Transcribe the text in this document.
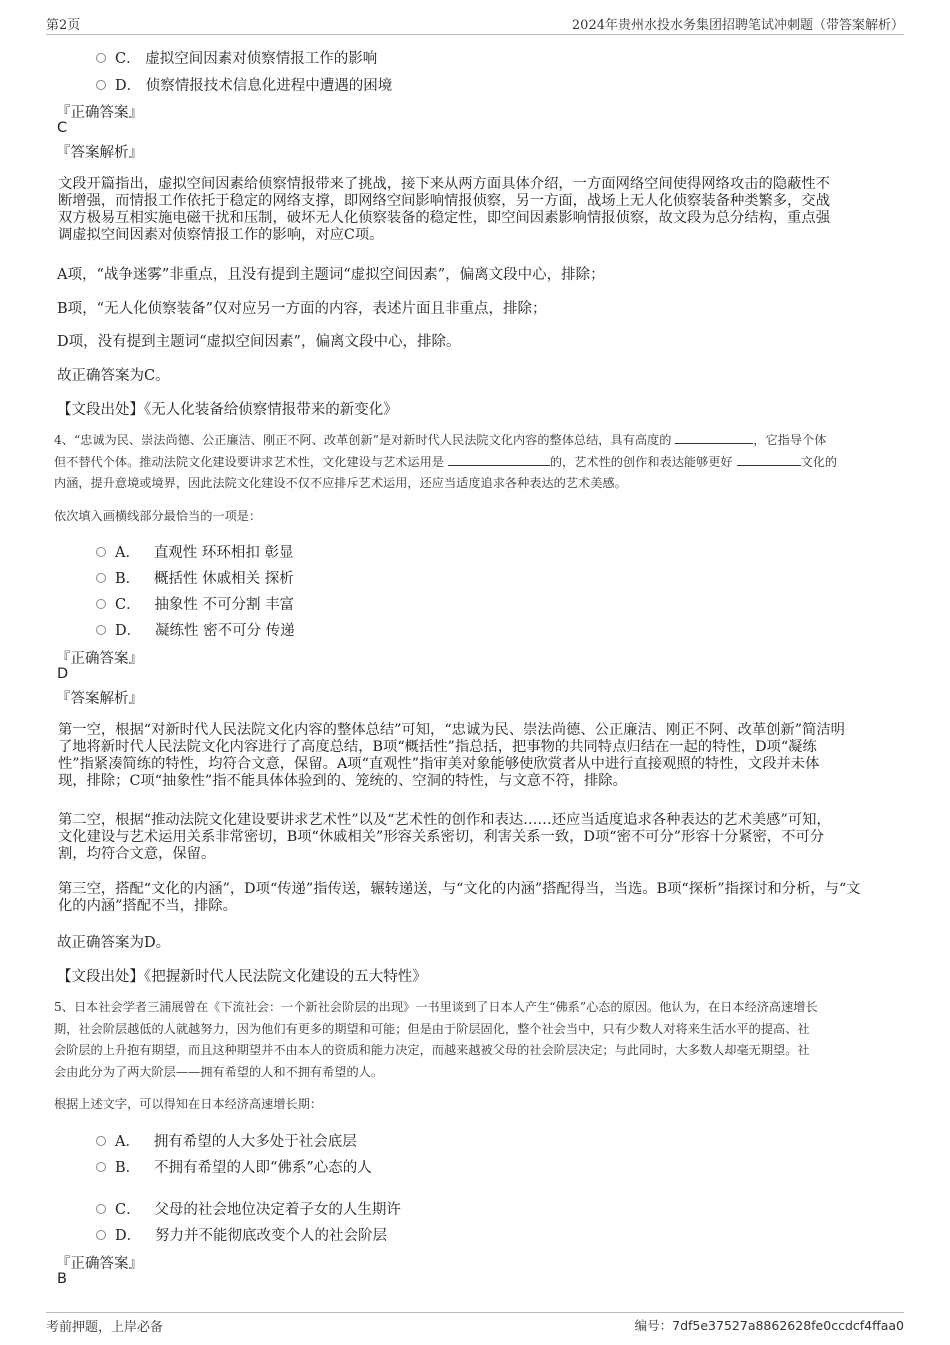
第2页	2024年贵州水投水务集团招聘笔试冲刺题（带答案解析）
C． 虚拟空间因素对侦察情报工作的影响
D． 侦察情报技术信息化进程中遭遇的困境
『正确答案』
C
『答案解析』
文段开篇指出，虚拟空间因素给侦察情报带来了挑战，接下来从两方面具体介绍，一方面网络空间使得网络攻击的隐蔽性不
断增强，而情报工作依托于稳定的网络支撑，即网络空间影响情报侦察，另一方面，战场上无人化侦察装备种类繁多，交战
双方极易互相实施电磁干扰和压制，破坏无人化侦察装备的稳定性，即空间因素影响情报侦察，故文段为总分结构，重点强
调虚拟空间因素对侦察情报工作的影响，对应C项。
A项，“战争迷雾”非重点，且没有提到主题词“虚拟空间因素”，偏离文段中心，排除；
B项，“无人化侦察装备”仅对应另一方面的内容，表述片面且非重点，排除；
D项，没有提到主题词“虚拟空间因素”，偏离文段中心，排除。
故正确答案为C。
【文段出处】《无人化装备给侦察情报带来的新变化》
4、“忠诚为民、崇法尚德、公正廉洁、刚正不阿、改革创新”是对新时代人民法院文化内容的整体总结，具有高度的	，它指导个体
但不替代个体。推动法院文化建设要讲求艺术性，文化建设与艺术运用是	的，艺术性的创作和表达能够更好	文化的
内涵，提升意境或境界，因此法院文化建设不仅不应排斥艺术运用，还应当适度追求各种表达的艺术美感。
依次填入画横线部分最恰当的一项是：
A． 直观性 环环相扣 彰显
B． 概括性 休戚相关 探析
C． 抽象性 不可分割 丰富
D． 凝练性 密不可分 传递
『正确答案』
D
『答案解析』
第一空，根据“对新时代人民法院文化内容的整体总结”可知，“忠诚为民、崇法尚德、公正廉洁、刚正不阿、改革创新”简洁明
了地将新时代人民法院文化内容进行了高度总结，B项“概括性”指总括，把事物的共同特点归结在一起的特性，D项“凝练
性”指紧凑简练的特性，均符合文意，保留。A项“直观性”指审美对象能够使欣赏者从中进行直接观照的特性，文段并未体
现，排除；C项“抽象性”指不能具体体验到的、笼统的、空洞的特性，与文意不符，排除。
第二空，根据“推动法院文化建设要讲求艺术性”以及“艺术性的创作和表达……还应当适度追求各种表达的艺术美感”可知，
文化建设与艺术运用关系非常密切，B项“休戚相关”形容关系密切，利害关系一致，D项“密不可分”形容十分紧密，不可分
割，均符合文意，保留。
第三空，搭配“文化的内涵”，D项“传递”指传送，辗转递送，与“文化的内涵”搭配得当，当选。B项“探析”指探讨和分析，与“文
化的内涵”搭配不当，排除。
故正确答案为D。
【文段出处】《把握新时代人民法院文化建设的五大特性》
5、日本社会学者三浦展曾在《下流社会：一个新社会阶层的出现》一书里谈到了日本人产生“佛系”心态的原因。他认为，在日本经济高速增长
期，社会阶层越低的人就越努力，因为他们有更多的期望和可能；但是由于阶层固化，整个社会当中，只有少数人对将来生活水平的提高、社
会阶层的上升抱有期望，而且这种期望并不由本人的资质和能力决定，而越来越被父母的社会阶层决定；与此同时，大多数人却毫无期望。社
会由此分为了两大阶层——拥有希望的人和不拥有希望的人。
根据上述文字，可以得知在日本经济高速增长期：
A． 拥有希望的人大多处于社会底层
B． 不拥有希望的人即“佛系”心态的人
C． 父母的社会地位决定着子女的人生期许
D． 努力并不能彻底改变个人的社会阶层
『正确答案』
B
考前押题，上岸必备	编号：7df5e37527a8862628fe0ccdcf4ffaa0
